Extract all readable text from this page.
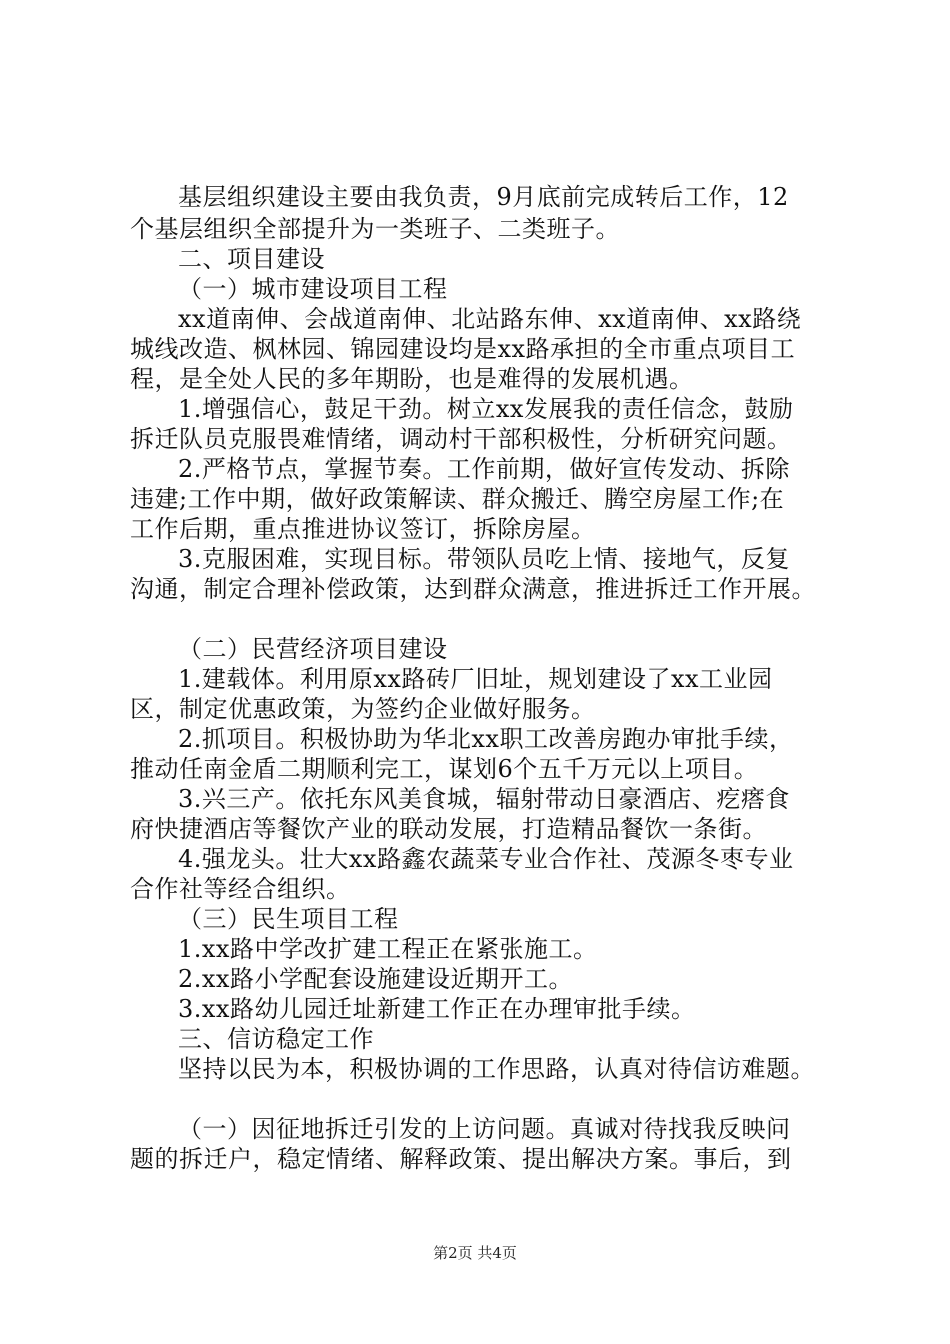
基层组织建设主要由我负责，9月底前完成转后工作，12
个基层组织全部提升为一类班子、二类班子。
二、项目建设
（一）城市建设项目工程
xx道南伸、会战道南伸、北站路东伸、xx道南伸、xx路绕
城线改造、枫林园、锦园建设均是xx路承担的全市重点项目工
程，是全处人民的多年期盼，也是难得的发展机遇。
1.增强信心，鼓足干劲。树立xx发展我的责任信念，鼓励
拆迁队员克服畏难情绪，调动村干部积极性，分析研究问题。
2.严格节点，掌握节奏。工作前期，做好宣传发动、拆除
违建;工作中期，做好政策解读、群众搬迁、腾空房屋工作;在
工作后期，重点推进协议签订，拆除房屋。
3.克服困难，实现目标。带领队员吃上情、接地气，反复
沟通，制定合理补偿政策，达到群众满意，推进拆迁工作开展。
（二）民营经济项目建设
1.建载体。利用原xx路砖厂旧址，规划建设了xx工业园
区，制定优惠政策，为签约企业做好服务。
2.抓项目。积极协助为华北xx职工改善房跑办审批手续，
推动任南金盾二期顺利完工，谋划6个五千万元以上项目。
3.兴三产。依托东风美食城，辐射带动日豪酒店、疙瘩食
府快捷酒店等餐饮产业的联动发展，打造精品餐饮一条街。
4.强龙头。壮大xx路鑫农蔬菜专业合作社、茂源冬枣专业
合作社等经合组织。
（三）民生项目工程
1.xx路中学改扩建工程正在紧张施工。
2.xx路小学配套设施建设近期开工。
3.xx路幼儿园迁址新建工作正在办理审批手续。
三、信访稳定工作
坚持以民为本，积极协调的工作思路，认真对待信访难题。
（一）因征地拆迁引发的上访问题。真诚对待找我反映问
题的拆迁户，稳定情绪、解释政策、提出解决方案。事后，到
第2页 共4页
